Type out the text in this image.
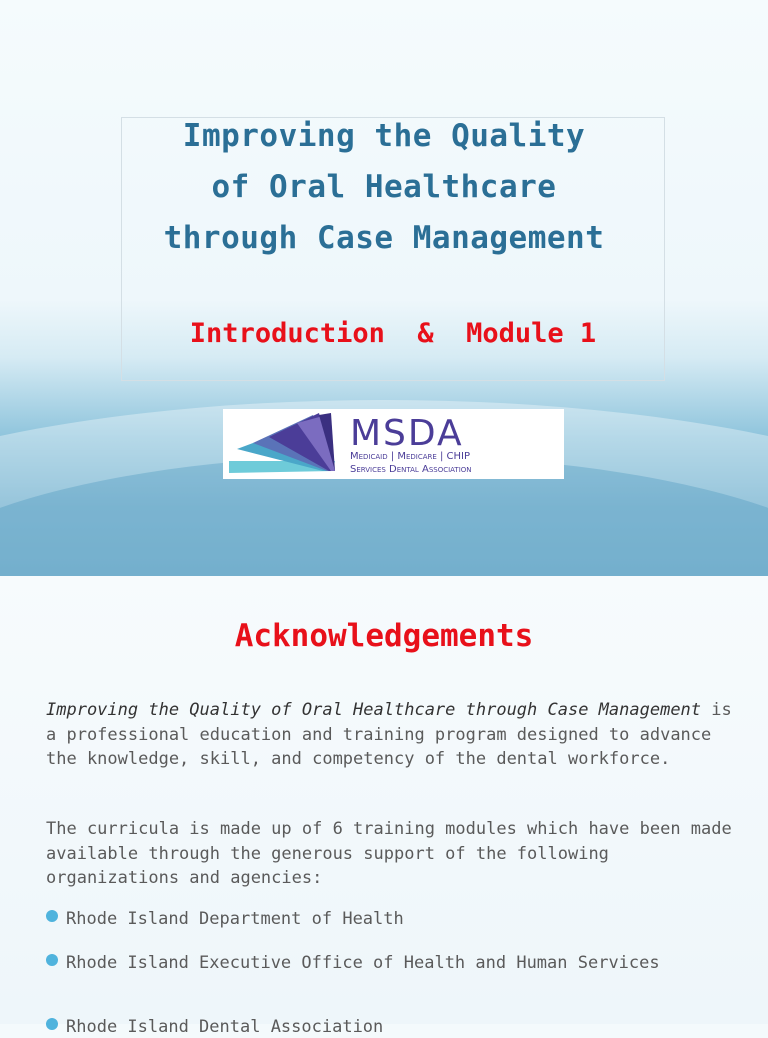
Improving the Quality
of Oral Healthcare
through Case Management
Introduction  &  Module 1
MSDA
Medicaid | Medicare | CHIP
Services Dental Association
Acknowledgements

Improving the Quality of Oral Healthcare through Case Management is a professional education and training program designed to advance the knowledge, skill, and competency of the dental workforce.

The curricula is made up of 6 training modules which have been made available through the generous support of the following organizations and agencies:

Rhode Island Department of Health
Rhode Island Executive Office of Health and Human Services
Rhode Island Dental Association
